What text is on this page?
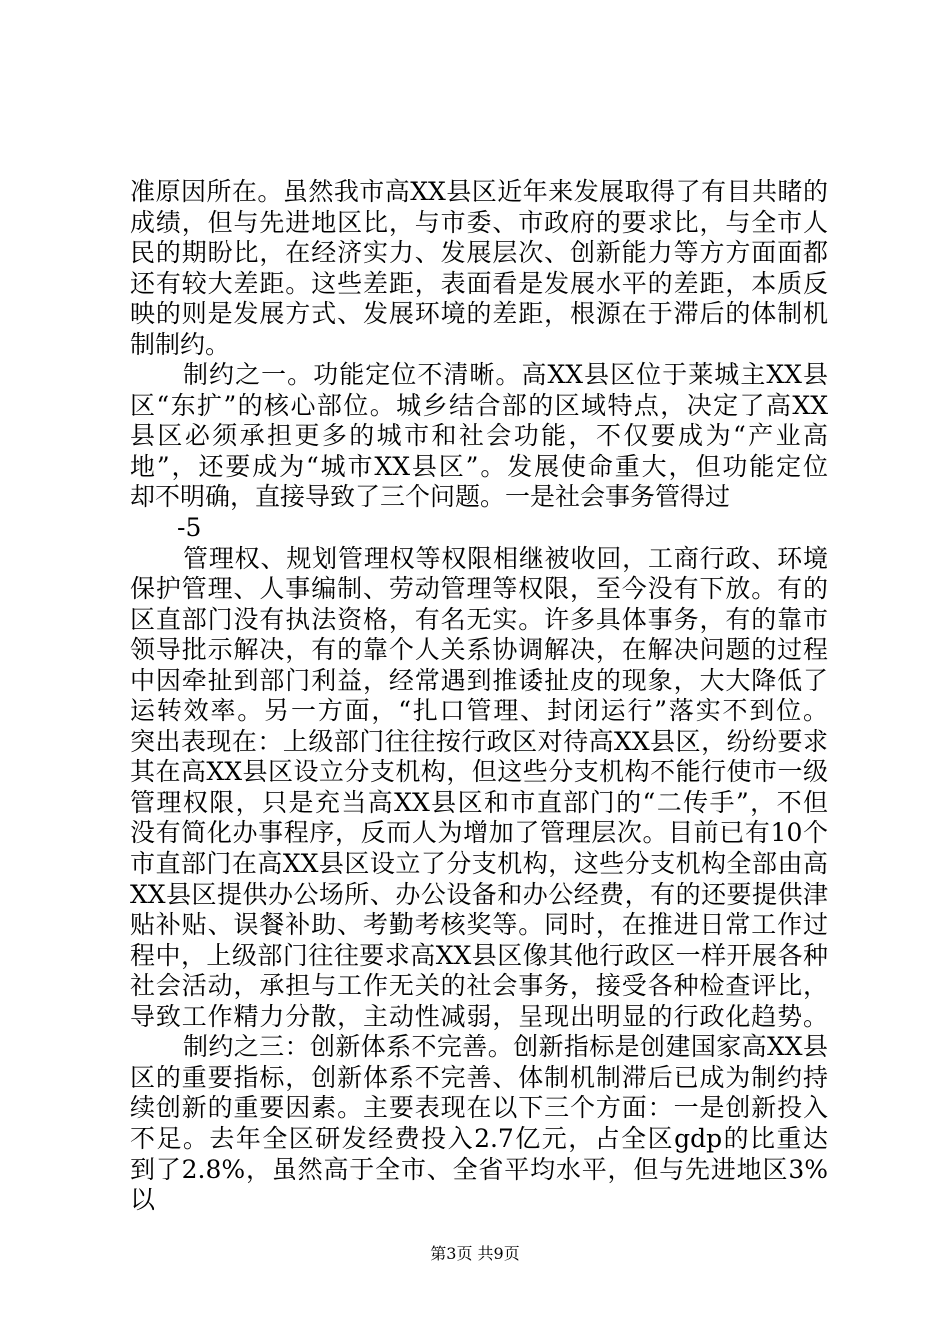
准原因所在。虽然我市高XX县区近年来发展取得了有目共睹的
成绩，但与先进地区比，与市委、市政府的要求比，与全市人
民的期盼比，在经济实力、发展层次、创新能力等方方面面都
还有较大差距。这些差距，表面看是发展水平的差距，本质反
映的则是发展方式、发展环境的差距，根源在于滞后的体制机
制制约。
制约之一。功能定位不清晰。高XX县区位于莱城主XX县
区“东扩”的核心部位。城乡结合部的区域特点，决定了高XX
县区必须承担更多的城市和社会功能，不仅要成为“产业高
地”，还要成为“城市XX县区”。发展使命重大，但功能定位
却不明确，直接导致了三个问题。一是社会事务管得过
-5
管理权、规划管理权等权限相继被收回，工商行政、环境
保护管理、人事编制、劳动管理等权限，至今没有下放。有的
区直部门没有执法资格，有名无实。许多具体事务，有的靠市
领导批示解决，有的靠个人关系协调解决，在解决问题的过程
中因牵扯到部门利益，经常遇到推诿扯皮的现象，大大降低了
运转效率。另一方面，“扎口管理、封闭运行”落实不到位。
突出表现在：上级部门往往按行政区对待高XX县区，纷纷要求
其在高XX县区设立分支机构，但这些分支机构不能行使市一级
管理权限，只是充当高XX县区和市直部门的“二传手”，不但
没有简化办事程序，反而人为增加了管理层次。目前已有10个
市直部门在高XX县区设立了分支机构，这些分支机构全部由高
XX县区提供办公场所、办公设备和办公经费，有的还要提供津
贴补贴、误餐补助、考勤考核奖等。同时，在推进日常工作过
程中，上级部门往往要求高XX县区像其他行政区一样开展各种
社会活动，承担与工作无关的社会事务，接受各种检查评比，
导致工作精力分散，主动性减弱，呈现出明显的行政化趋势。
制约之三：创新体系不完善。创新指标是创建国家高XX县
区的重要指标，创新体系不完善、体制机制滞后已成为制约持
续创新的重要因素。主要表现在以下三个方面：一是创新投入
不足。去年全区研发经费投入2.7亿元，占全区gdp的比重达
到了2.8%，虽然高于全市、全省平均水平，但与先进地区3%以
第3页 共9页
